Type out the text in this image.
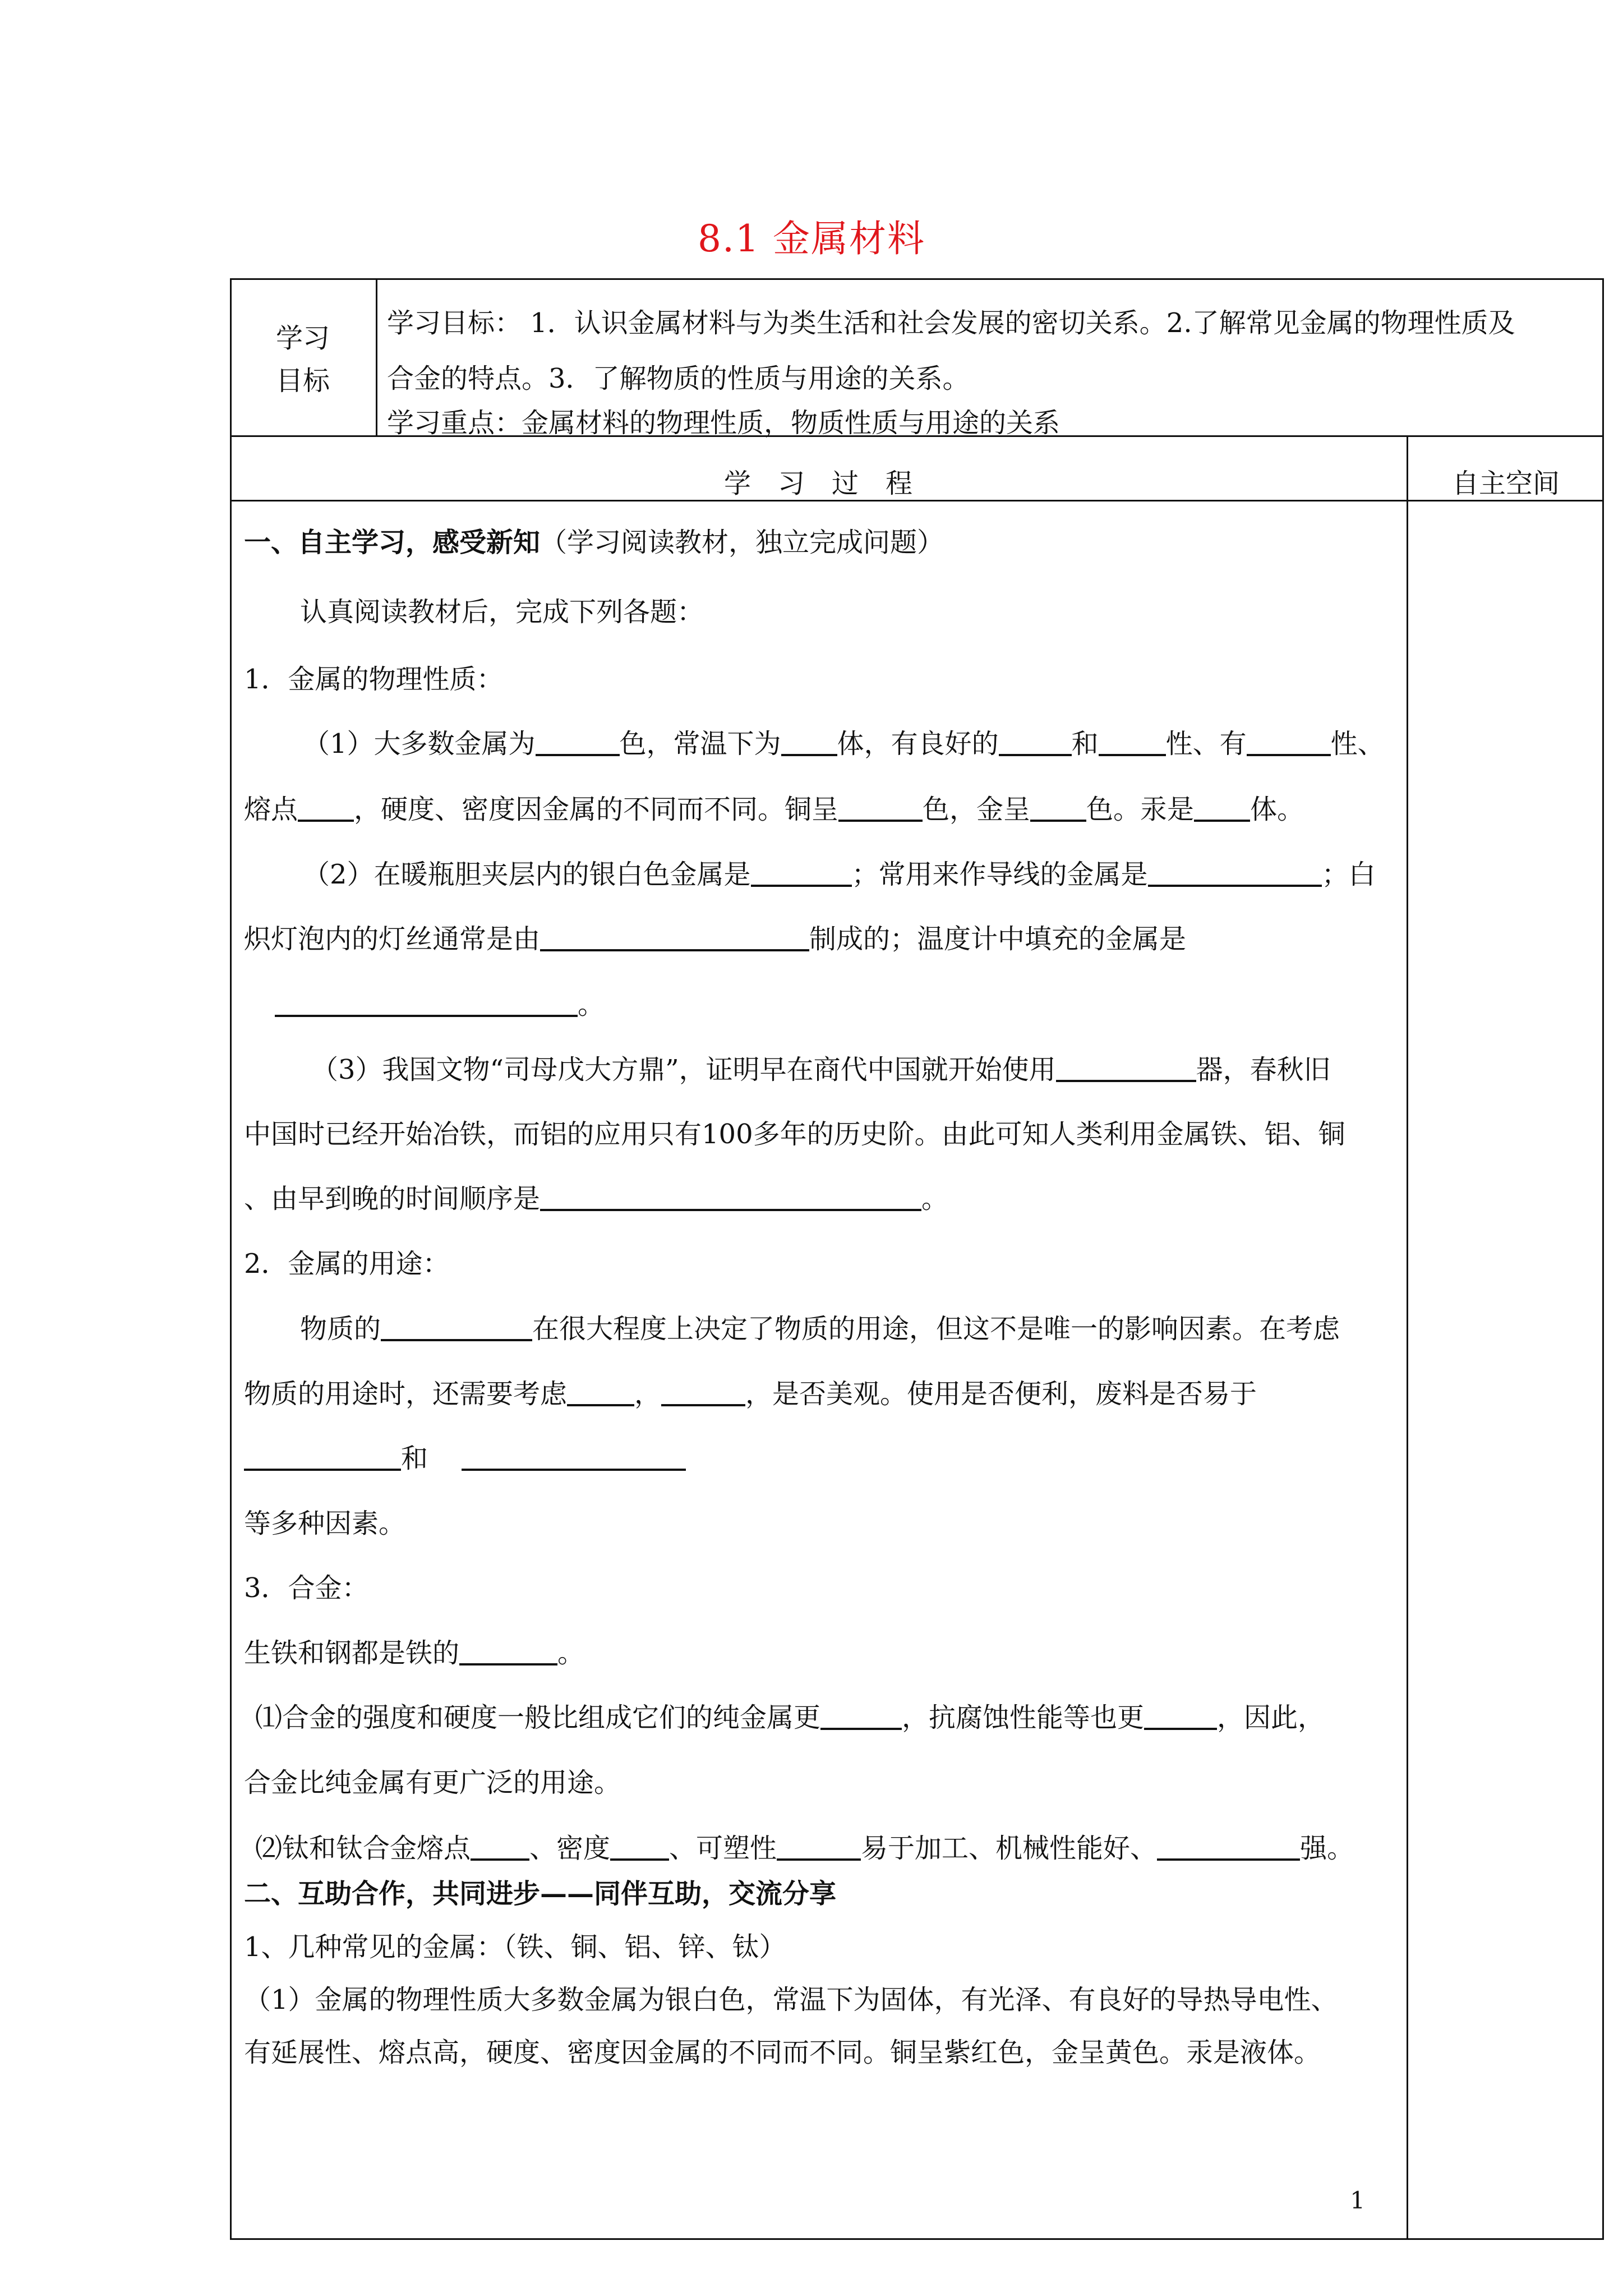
8.1 金属材料
学习
目标
学习目标： 1．认识金属材料与为类生活和社会发展的密切关系。2.了解常见金属的物理性质及
合金的特点。3．了解物质的性质与用途的关系。
学习重点：金属材料的物理性质，物质性质与用途的关系
学　习　过　程	自主空间
一、自主学习，感受新知（学习阅读教材，独立完成问题）
认真阅读教材后，完成下列各题：
1．金属的物理性质：
（1）大多数金属为	色，常温下为 体，有良好的	和	性、有	性、
熔点 ，硬度、密度因金属的不同而不同。铜呈	色，金呈 色。汞是 体。
（2）在暖瓶胆夹层内的银白色金属是	；常用来作导线的金属是	；白
炽灯泡内的灯丝通常是由	制成的；温度计中填充的金属是
。
（3）我国文物“司母戊大方鼎”，证明早在商代中国就开始使用	器，春秋旧
中国时已经开始冶铁，而铝的应用只有100多年的历史阶。由此可知人类利用金属铁、铝、铜
、由早到晚的时间顺序是	。
2．金属的用途：
物质的	在很大程度上决定了物质的用途，但这不是唯一的影响因素。在考虑
物质的用途时，还需要考虑	，	，是否美观。使用是否便利，废料是否易于
和
等多种因素。
3．合金：
生铁和钢都是铁的	。
⑴合金的强度和硬度一般比组成它们的纯金属更	，抗腐蚀性能等也更	，因此，
合金比纯金属有更广泛的用途。
⑵钛和钛合金熔点 、密度 、可塑性	易于加工、机械性能好、	强。
二、互助合作，共同进步——同伴互助，交流分享
1、几种常见的金属：（铁、铜、铝、锌、钛）
（1）金属的物理性质大多数金属为银白色，常温下为固体，有光泽、有良好的导热导电性、
有延展性、熔点高，硬度、密度因金属的不同而不同。铜呈紫红色，金呈黄色。汞是液体。
1
